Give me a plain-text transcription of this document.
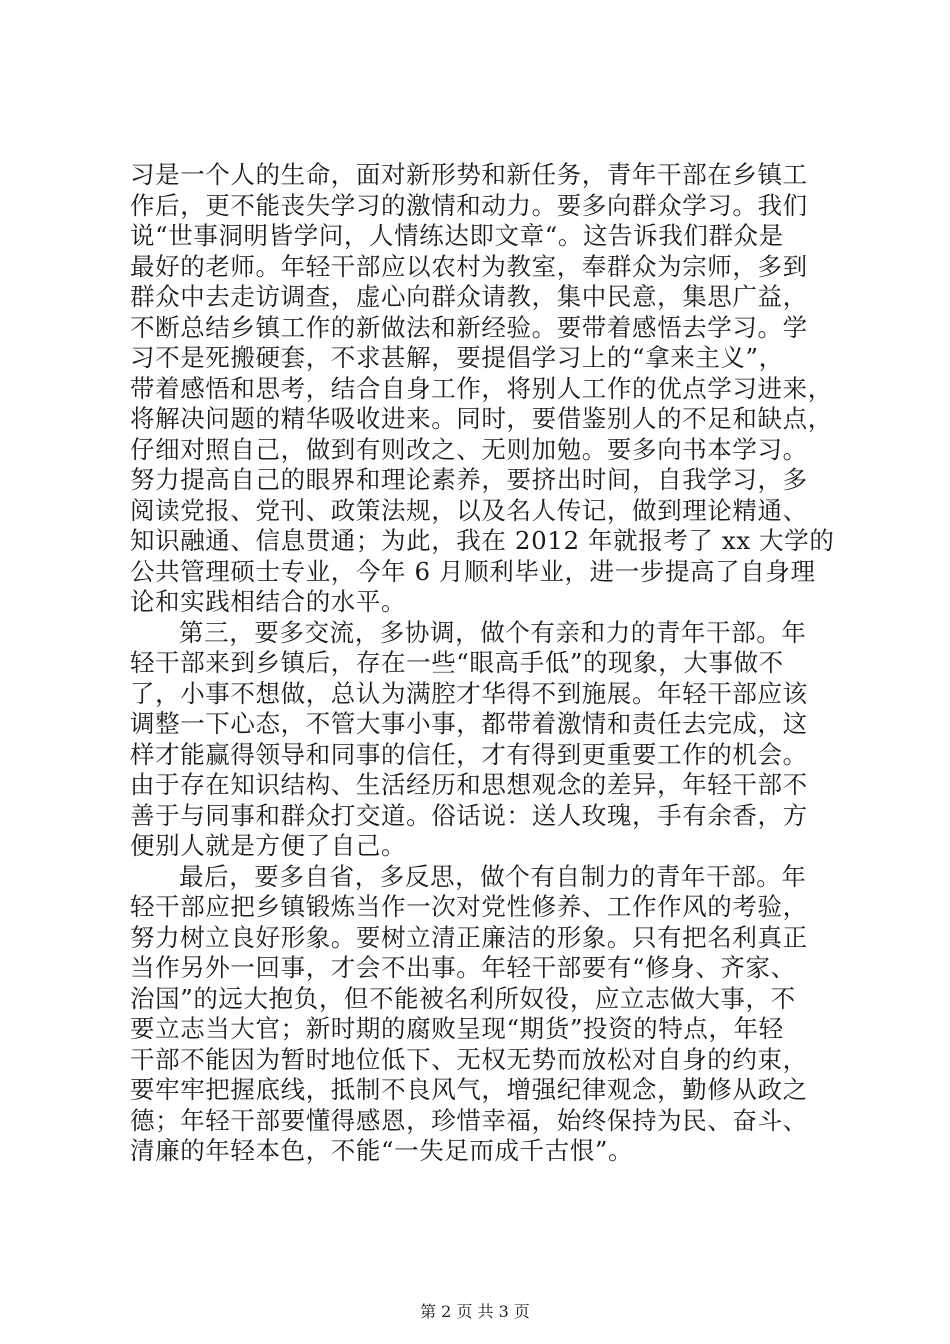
习是一个人的生命，面对新形势和新任务，青年干部在乡镇工
作后，更不能丧失学习的激情和动力。要多向群众学习。我们
说“世事洞明皆学问，人情练达即文章“。这告诉我们群众是
最好的老师。年轻干部应以农村为教室，奉群众为宗师，多到
群众中去走访调查，虚心向群众请教，集中民意，集思广益，
不断总结乡镇工作的新做法和新经验。要带着感悟去学习。学
习不是死搬硬套，不求甚解，要提倡学习上的“拿来主义”，
带着感悟和思考，结合自身工作，将别人工作的优点学习进来，
将解决问题的精华吸收进来。同时，要借鉴别人的不足和缺点，
仔细对照自己，做到有则改之、无则加勉。要多向书本学习。
努力提高自己的眼界和理论素养，要挤出时间，自我学习，多
阅读党报、党刊、政策法规，以及名人传记，做到理论精通、
知识融通、信息贯通；为此，我在 2012 年就报考了 xx 大学的
公共管理硕士专业，今年 6 月顺利毕业，进一步提高了自身理
论和实践相结合的水平。
第三，要多交流，多协调，做个有亲和力的青年干部。年
轻干部来到乡镇后，存在一些“眼高手低”的现象，大事做不
了，小事不想做，总认为满腔才华得不到施展。年轻干部应该
调整一下心态，不管大事小事，都带着激情和责任去完成，这
样才能赢得领导和同事的信任，才有得到更重要工作的机会。
由于存在知识结构、生活经历和思想观念的差异，年轻干部不
善于与同事和群众打交道。俗话说：送人玫瑰，手有余香，方
便别人就是方便了自己。
最后，要多自省，多反思，做个有自制力的青年干部。年
轻干部应把乡镇锻炼当作一次对党性修养、工作作风的考验，
努力树立良好形象。要树立清正廉洁的形象。只有把名利真正
当作另外一回事，才会不出事。年轻干部要有“修身、齐家、
治国”的远大抱负，但不能被名利所奴役，应立志做大事，不
要立志当大官；新时期的腐败呈现“期货”投资的特点，年轻
干部不能因为暂时地位低下、无权无势而放松对自身的约束，
要牢牢把握底线，抵制不良风气，增强纪律观念，勤修从政之
德；年轻干部要懂得感恩，珍惜幸福，始终保持为民、奋斗、
清廉的年轻本色，不能“一失足而成千古恨”。
第 2 页 共 3 页
